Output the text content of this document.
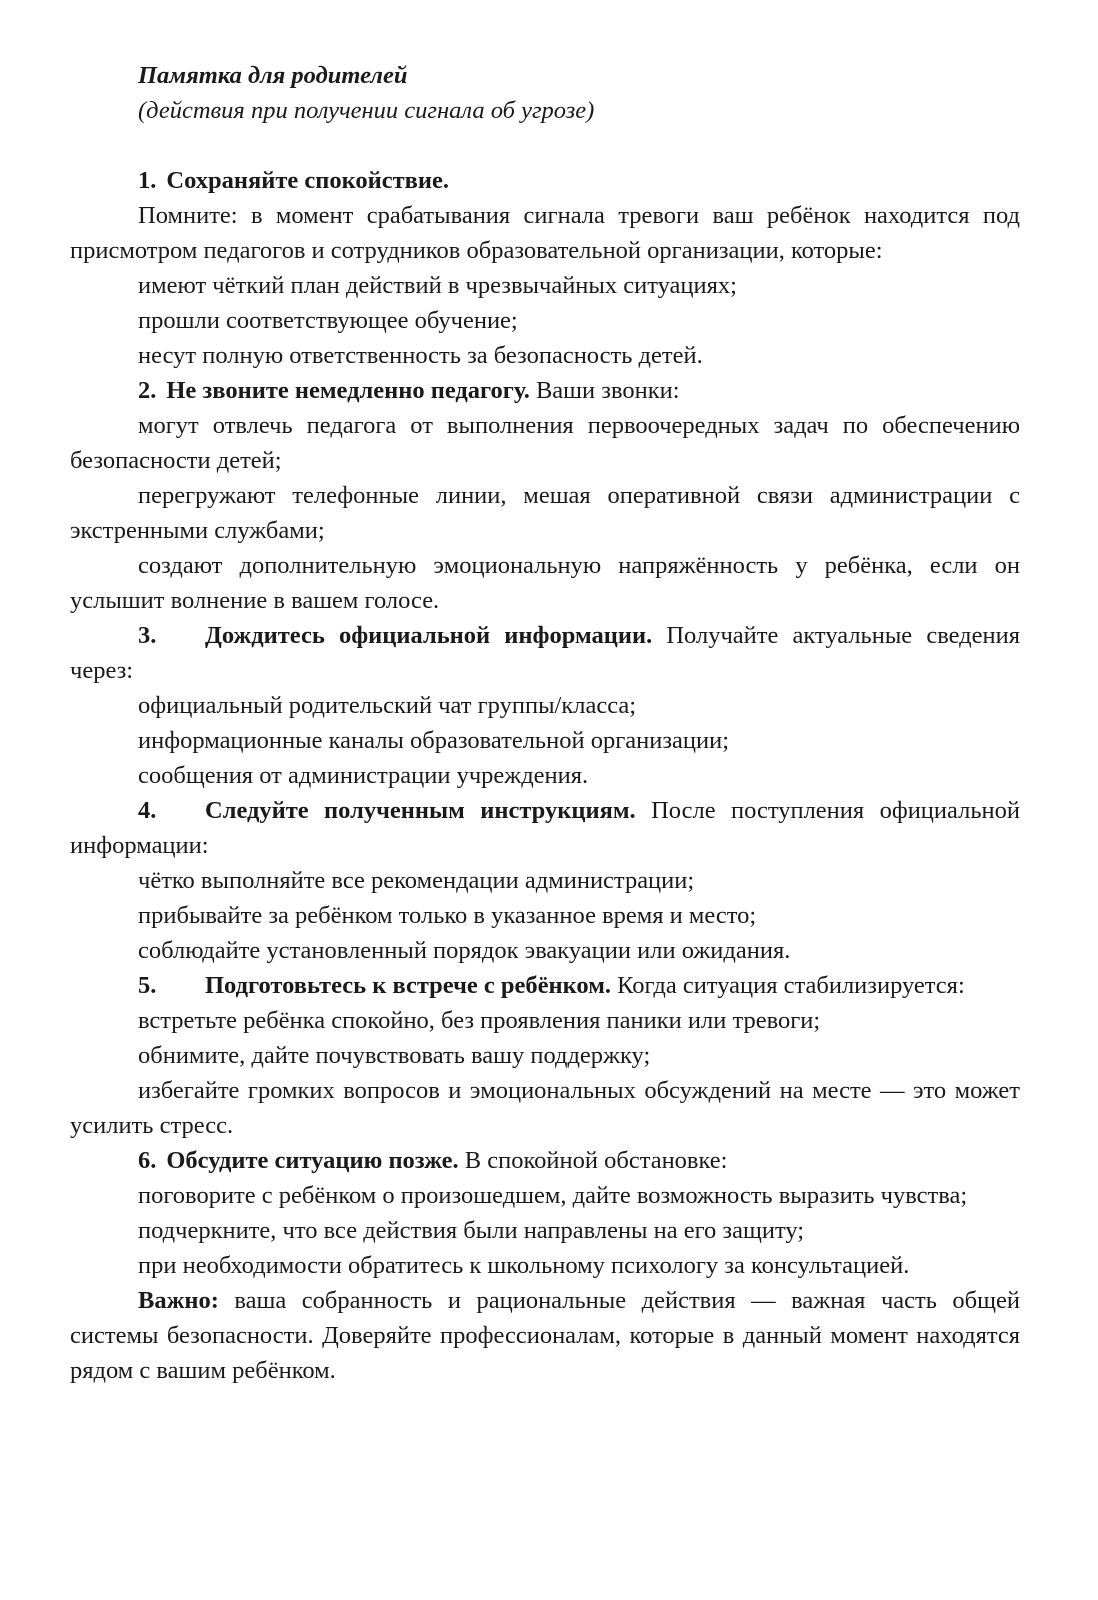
Памятка для родителей

(действия при получении сигнала об угрозе)

1. Сохраняйте спокойствие.

Помните: в момент срабатывания сигнала тревоги ваш ребёнок находится под присмотром педагогов и сотрудников образовательной организации, которые:

имеют чёткий план действий в чрезвычайных ситуациях;

прошли соответствующее обучение;

несут полную ответственность за безопасность детей.

2. Не звоните немедленно педагогу. Ваши звонки:

могут отвлечь педагога от выполнения первоочередных задач по обеспечению безопасности детей;

перегружают телефонные линии, мешая оперативной связи администрации с экстренными службами;

создают дополнительную эмоциональную напряжённость у ребёнка, если он услышит волнение в вашем голосе.

3. Дождитесь официальной информации. Получайте актуальные сведения через:

официальный родительский чат группы/класса;

информационные каналы образовательной организации;

сообщения от администрации учреждения.

4. Следуйте полученным инструкциям. После поступления официальной информации:

чётко выполняйте все рекомендации администрации;

прибывайте за ребёнком только в указанное время и место;

соблюдайте установленный порядок эвакуации или ожидания.

5. Подготовьтесь к встрече с ребёнком. Когда ситуация стабилизируется:

встретьте ребёнка спокойно, без проявления паники или тревоги;

обнимите, дайте почувствовать вашу поддержку;

избегайте громких вопросов и эмоциональных обсуждений на месте — это может усилить стресс.

6. Обсудите ситуацию позже. В спокойной обстановке:

поговорите с ребёнком о произошедшем, дайте возможность выразить чувства;

подчеркните, что все действия были направлены на его защиту;

при необходимости обратитесь к школьному психологу за консультацией.

Важно: ваша собранность и рациональные действия — важная часть общей системы безопасности. Доверяйте профессионалам, которые в данный момент находятся рядом с вашим ребёнком.
